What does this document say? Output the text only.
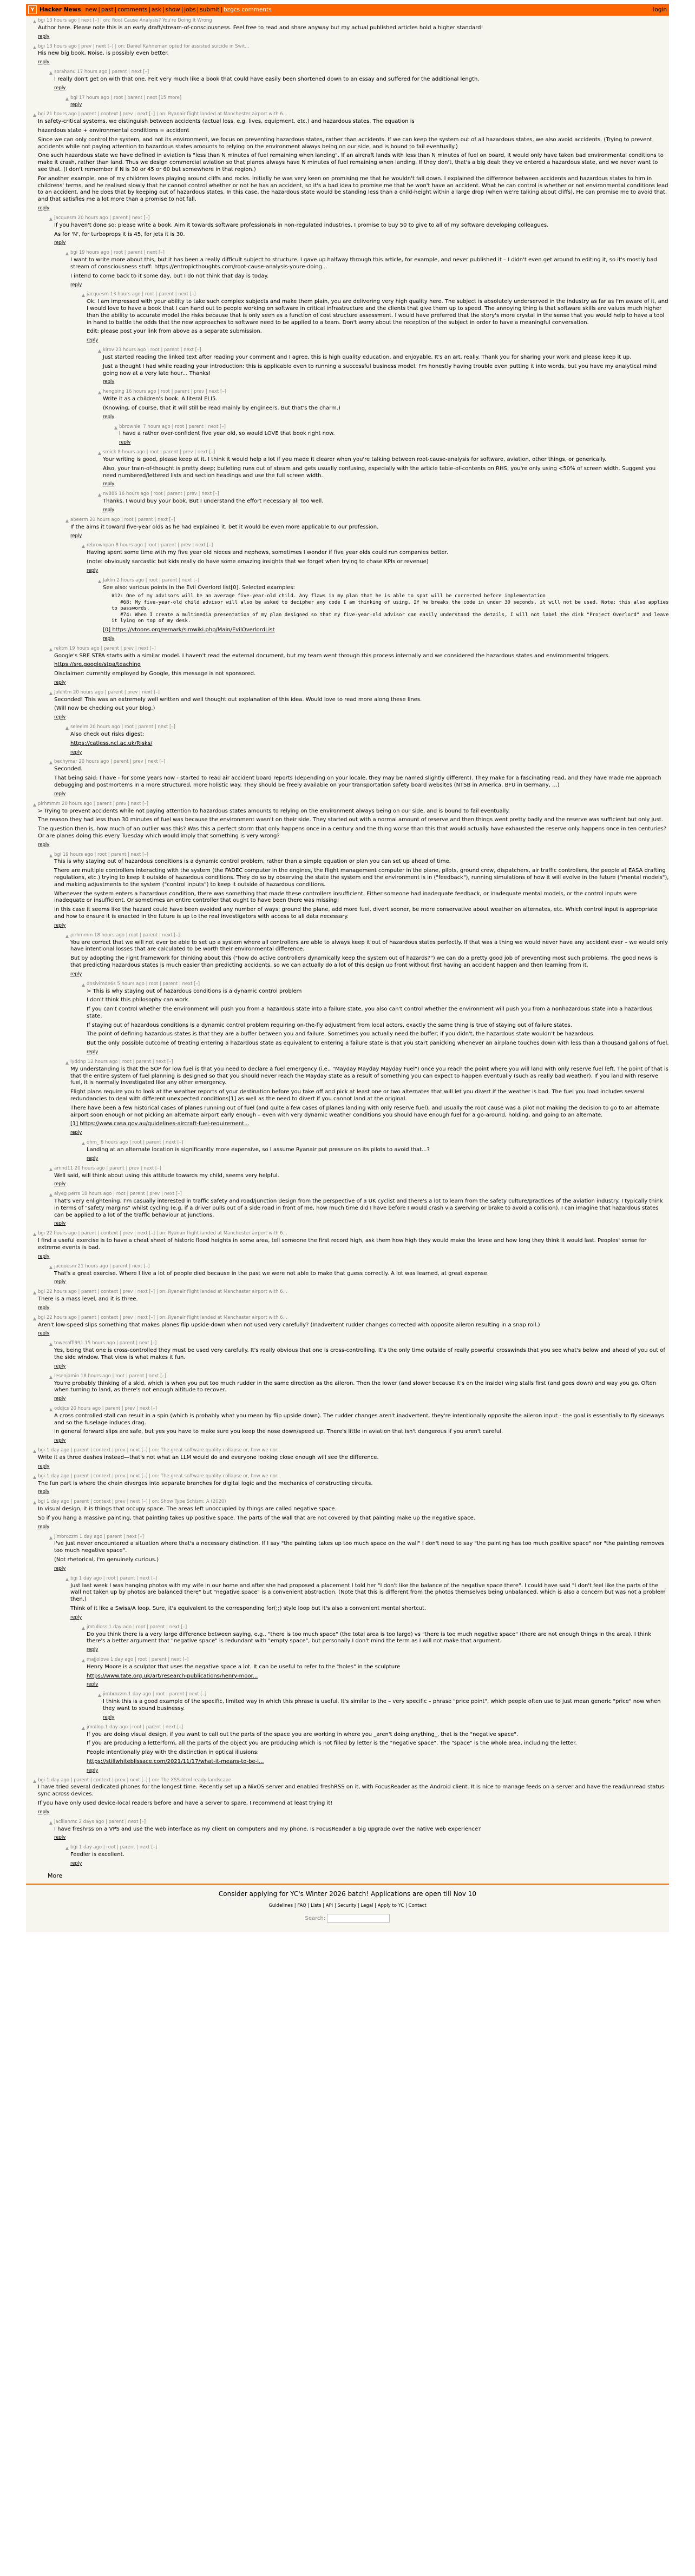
Y Hacker News new | past | comments | ask | show | jobs | submit | bzgcs comments	login
▲ bgi 13 hours ago | next [–] | on: Root Cause Analysis? You're Doing It Wrong

Author here. Please note this is an early draft/stream-of-consciousness. Feel free to read and share anyway but my actual published articles hold a higher standard!

reply
▲ bgi 13 hours ago | prev | next [–] | on: Daniel Kahneman opted for assisted suicide in Swit...

His new big book, Noise, is possibly even better.

reply
▲ sorahanu 17 hours ago | parent | next [–]

I really don't get on with that one. Felt very much like a book that could have easily been shortened down to an essay and suffered for the additional length.

reply
▲ bgi 17 hours ago | root | parent | next [15 more]
reply
▲ bgi 21 hours ago | parent | context | prev | next [–] | on: Ryanair flight landed at Manchester airport with 6...

In safety-critical systems, we distinguish between accidents (actual loss, e.g. lives, equipment, etc.) and hazardous states. The equation is

hazardous state + environmental conditions = accident

Since we can only control the system, and not its environment, we focus on preventing hazardous states, rather than accidents. If we can keep the system out of all hazardous states, we also avoid accidents. (Trying to prevent accidents while not paying attention to hazardous states amounts to relying on the environment always being on our side, and is bound to fail eventually.)

One such hazardous state we have defined in aviation is "less than N minutes of fuel remaining when landing". If an aircraft lands with less than N minutes of fuel on board, it would only have taken bad environmental conditions to make it crash, rather than land. Thus we design commercial aviation so that planes always have N minutes of fuel remaining when landing. If they don't, that's a big deal: they've entered a hazardous state, and we never want to see that. (I don't remember if N is 30 or 45 or 60 but somewhere in that region.)

For another example, one of my children loves playing around cliffs and rocks. Initially he was very keen on promising me that he wouldn't fall down. I explained the difference between accidents and hazardous states to him in childrens' terms, and he realised slowly that he cannot control whether or not he has an accident, so it's a bad idea to promise me that he won't have an accident. What he can control is whether or not environmental conditions lead to an accident, and he does that by keeping out of hazardous states. In this case, the hazardous state would be standing less than a child-height within a large drop (when we're talking about cliffs). He can promise me to avoid that, and that satisfies me a lot more than a promise to not fall.

reply
▲ jacquesm 20 hours ago | parent | next [–]

If you haven't done so: please write a book. Aim it towards software professionals in non-regulated industries. I promise to buy 50 to give to all of my software developing colleagues.

As for 'N', for turboprops it is 45, for jets it is 30.

reply
▲ bgi 19 hours ago | root | parent | next [–]

I want to write more about this, but it has been a really difficult subject to structure. I gave up halfway through this article, for example, and never published it – I didn't even get around to editing it, so it's mostly bad stream of consciousness stuff: https://entropicthoughts.com/root-cause-analysis-youre-doing...

I intend to come back to it some day, but I do not think that day is today.

reply
▲ jacquesm 13 hours ago | root | parent | next [–]

Ok. I am impressed with your ability to take such complex subjects and make them plain, you are delivering very high quality here. The subject is absolutely underserved in the industry as far as I'm aware of it, and I would love to have a book that I can hand out to people working on software in critical infrastructure and the clients that give them up to speed. The annoying thing is that software skills are values much higher than the ability to accurate model the risks because that is only seen as a function of cost structure assessment. I would have preferred that the story's more crystal in the sense that you would help to have a tool in hand to battle the odds that the new approaches to software need to be applied to a team. Don't worry about the reception of the subject in order to have a meaningful conversation.

Edit: please post your link from above as a separate submission.

reply
▲ kirov 23 hours ago | root | parent | next [–]

Just started reading the linked text after reading your comment and I agree, this is high quality education, and enjoyable. It's an art, really. Thank you for sharing your work and please keep it up.

Just a thought I had while reading your introduction: this is applicable even to running a successful business model. I'm honestly having trouble even putting it into words, but you have my analytical mind going now at a very late hour... Thanks!

reply
▲ hengbing 16 hours ago | root | parent | prev | next [–]

Write it as a children's book. A literal ELI5.

(Knowing, of course, that it will still be read mainly by engineers. But that's the charm.)

reply
▲ bbrowniel 7 hours ago | root | parent | next [–]

I have a rather over-confident five year old, so would LOVE that book right now.

reply
▲ smick 8 hours ago | root | parent | prev | next [–]

Your writing is good, please keep at it. I think it would help a lot if you made it clearer when you're talking between root-cause-analysis for software, aviation, other things, or generically.

Also, your train-of-thought is pretty deep; bulleting runs out of steam and gets usually confusing, especially with the article table-of-contents on RHS, you're only using <50% of screen width. Suggest you need numbered/lettered lists and section headings and use the full screen width.

reply
▲ nv886 16 hours ago | root | parent | prev | next [–]

Thanks, I would buy your book. But I understand the effort necessary all too well.

reply
▲ abeerm 20 hours ago | root | parent | next [–]

If the aims it toward five-year olds as he had explained it, bet it would be even more applicable to our profession.

reply
▲ rebrownpan 8 hours ago | root | parent | prev | next [–]

Having spent some time with my five year old nieces and nephews, sometimes I wonder if five year olds could run companies better.

(note: obviously sarcastic but kids really do have some amazing insights that we forget when trying to chase KPIs or revenue)

reply
▲ Jaklin 2 hours ago | root | parent | next [–]

See also: various points in the Evil Overlord list[0]. Selected examples:

#12: One of my advisors will be an average five-year-old child. Any flaws in my plan that he is able to spot will be corrected before implementation
#68: My five-year-old child advisor will also be asked to decipher any code I am thinking of using. If he breaks the code in under 30 seconds, it will not be used. Note: this also applies to passwords.
#74: When I create a multimedia presentation of my plan designed so that my five-year-old advisor can easily understand the details, I will not label the disk "Project Overlord" and leave it lying on top of my desk.

[0] https://vtoons.org/remark/simwiki.php/Main/EvilOverlordList

reply
▲ rektm 19 hours ago | parent | prev | next [–]

Google's SRE STPA starts with a similar model. I haven't read the external document, but my team went through this process internally and we considered the hazardous states and environmental triggers.

https://sre.google/stpa/teaching

Disclaimer: currently employed by Google, this message is not sponsored.

reply
▲ Jolentm 20 hours ago | parent | prev | next [–]

Seconded! This was an extremely well written and well thought out explanation of this idea. Would love to read more along these lines.

(Will now be checking out your blog.)

reply
▲ seleelm 20 hours ago | root | parent | next [–]

Also check out risks digest:

https://catless.ncl.ac.uk/Risks/

reply
▲ bechymar 20 hours ago | parent | prev | next [–]

Seconded.

That being said: I have - for some years now - started to read air accident board reports (depending on your locale, they may be named slightly different). They make for a fascinating read, and they have made me approach debugging and postmortems in a more structured, more holistic way. They should be freely available on your transportation safety board websites (NTSB in America, BFU in Germany, ...)

reply
▲ pirhmmm 20 hours ago | parent | prev | next [–]

> Trying to prevent accidents while not paying attention to hazardous states amounts to relying on the environment always being on our side, and is bound to fail eventually.

The reason they had less than 30 minutes of fuel was because the environment wasn't on their side. They started out with a normal amount of reserve and then things went pretty badly and the reserve was sufficient but only just.

The question then is, how much of an outlier was this? Was this a perfect storm that only happens once in a century and the thing worse than this that would actually have exhausted the reserve only happens once in ten centuries? Or are planes doing this every Tuesday which would imply that something is very wrong?

reply
▲ bgi 19 hours ago | root | parent | next [–]

This is why staying out of hazardous conditions is a dynamic control problem, rather than a simple equation or plan you can set up ahead of time.

There are multiple controllers interacting with the system (the FADEC computer in the engines, the flight management computer in the plane, pilots, ground crew, dispatchers, air traffic controllers, the people at EASA drafting regulations, etc.) trying to keep it outside of hazardous conditions. They do so by observing the state the system and the environment is in ("feedback"), running simulations of how it will evolve in the future ("mental models"), and making adjustments to the system ("control inputs") to keep it outside of hazardous conditions.

Whenever the system enters a hazardous condition, there was something that made these controllers insufficient. Either someone had inadequate feedback, or inadequate mental models, or the control inputs were inadequate or insufficient. Or sometimes an entire controller that ought to have been there was missing!

In this case it seems like the hazard could have been avoided any number of ways: ground the plane, add more fuel, divert sooner, be more conservative about weather on alternates, etc. Which control input is appropriate and how to ensure it is enacted in the future is up to the real investigators with access to all data necessary.

reply
▲ pirhmmm 18 hours ago | root | parent | next [–]

You are correct that we will not ever be able to set up a system where all controllers are able to always keep it out of hazardous states perfectly. If that was a thing we would never have any accident ever – we would only have intentional losses that are calculated to be worth their environmental difference.

But by adopting the right framework for thinking about this ("how do active controllers dynamically keep the system out of hazards?") we can do a pretty good job of preventing most such problems. The good news is that predicting hazardous states is much easier than predicting accidents, so we can actually do a lot of this design up front without first having an accident happen and then learning from it.

reply
▲ dnsivimde6s 5 hours ago | root | parent | next [–]

> This is why staying out of hazardous conditions is a dynamic control problem

I don't think this philosophy can work.

If you can't control whether the environment will push you from a hazardous state into a failure state, you also can't control whether the environment will push you from a nonhazardous state into a hazardous state.

If staying out of hazardous conditions is a dynamic control problem requiring on-the-fly adjustment from local actors, exactly the same thing is true of staying out of failure states.

The point of defining hazardous states is that they are a buffer between you and failure. Sometimes you actually need the buffer; if you didn't, the hazardous state wouldn't be hazardous.

But the only possible outcome of treating entering a hazardous state as equivalent to entering a failure state is that you start panicking whenever an airplane touches down with less than a thousand gallons of fuel.

reply
▲ lyddnp 12 hours ago | root | parent | next [–]

My understanding is that the SOP for low fuel is that you need to declare a fuel emergency (i.e., "Mayday Mayday Mayday Fuel") once you reach the point where you will land with only reserve fuel left. The point of that is that the entire system of fuel planning is designed so that you should never reach the Mayday state as a result of something you can expect to happen eventually (such as really bad weather). If you land with reserve fuel, it is normally investigated like any other emergency.

Flight plans require you to look at the weather reports of your destination before you take off and pick at least one or two alternates that will let you divert if the weather is bad. The fuel you load includes several redundancies to deal with different unexpected conditions[1] as well as the need to divert if you cannot land at the original.

There have been a few historical cases of planes running out of fuel (and quite a few cases of planes landing with only reserve fuel), and usually the root cause was a pilot not making the decision to go to an alternate airport soon enough or not picking an alternate airport early enough – even with very dynamic weather conditions you should have enough fuel for a go-around, holding, and going to an alternate.

[1] https://www.casa.gov.au/guidelines-aircraft-fuel-requirement...

reply
▲ ohm_ 6 hours ago | root | parent | next [–]

Landing at an alternate location is significantly more expensive, so I assume Ryanair put pressure on its pilots to avoid that...?

reply
▲ amnd11 20 hours ago | parent | prev | next [–]

Well said, will think about using this attitude towards my child, seems very helpful.

reply
▲ aiyeg perrs 18 hours ago | root | parent | prev | next [–]

That's very enlightening. I'm casually interested in traffic safety and road/junction design from the perspective of a UK cyclist and there's a lot to learn from the safety culture/practices of the aviation industry. I typically think in terms of "safety margins" whilst cycling (e.g. if a driver pulls out of a side road in front of me, how much time did I have before I would crash via swerving or brake to avoid a collision). I can imagine that hazardous states can be applied to a lot of the traffic behaviour at junctions.

reply
▲ bgi 22 hours ago | parent | context | prev | next [–] | on: Ryanair flight landed at Manchester airport with 6...

I find a useful exercise is to have a cheat sheet of historic flood heights in some area, tell someone the first record high, ask them how high they would make the levee and how long they think it would last. Peoples' sense for extreme events is bad.

reply
▲ jacquesm 21 hours ago | parent | next [–]

That's a great exercise. Where I live a lot of people died because in the past we were not able to make that guess correctly. A lot was learned, at great expense.

reply
▲ bgi 22 hours ago | parent | context | prev | next [–] | on: Ryanair flight landed at Manchester airport with 6...

There is a mass level, and it is three.

reply
▲ bgi 22 hours ago | parent | context | prev | next [–] | on: Ryanair flight landed at Manchester airport with 6...

Aren't low-speed slips something that makes planes flip upside-down when not used very carefully? (Inadvertent rudder changes corrected with opposite aileron resulting in a snap roll.)

reply
▲ toweraffi991 15 hours ago | parent | next [–]

Yes, being that one is cross-controlled they must be used very carefully. It's really obvious that one is cross-controlling. It's the only time outside of really powerful crosswinds that you see what's below and ahead of you out of the side window. That view is what makes it fun.

reply
▲ lesenjamin 18 hours ago | root | parent | next [–]

You're probably thinking of a skid, which is when you put too much rudder in the same direction as the aileron. Then the lower (and slower because it's on the inside) wing stalls first (and goes down) and way you go. Often when turning to land, as there's not enough altitude to recover.

reply
▲ oddjcs 20 hours ago | parent | prev | next [–]

A cross controlled stall can result in a spin (which is probably what you mean by flip upside down). The rudder changes aren't inadvertent, they're intentionally opposite the aileron input - the goal is essentially to fly sideways and so the fuselage induces drag.

In general forward slips are safe, but yes you have to make sure you keep the nose down/speed up. There's little in aviation that isn't dangerous if you aren't careful.

reply
▲ bgi 1 day ago | parent | context | prev | next [–] | on: The great software quality collapse or, how we nor...

Write it as three dashes instead—that's not what an LLM would do and everyone looking close enough will see the difference.

reply
▲ bgi 1 day ago | parent | context | prev | next [–] | on: The great software quality collapse or, how we nor...

The fun part is where the chain diverges into separate branches for digital logic and the mechanics of constructing circuits.

reply
▲ bgi 1 day ago | parent | context | prev | next [–] | on: Show Type Schism: A (2020)

In visual design, it is things that occupy space. The areas left unoccupied by things are called negative space.

So if you hang a massive painting, that painting takes up positive space. The parts of the wall that are not covered by that painting make up the negative space.

reply
▲ jimbrozzm 1 day ago | parent | next [–]

I've just never encountered a situation where that's a necessary distinction. If I say "the painting takes up too much space on the wall" I don't need to say "the painting has too much positive space" nor "the painting removes too much negative space".

(Not rhetorical, I'm genuinely curious.)

reply
▲ bgi 1 day ago | root | parent | next [–]

Just last week I was hanging photos with my wife in our home and after she had proposed a placement I told her "I don't like the balance of the negative space there". I could have said "I don't feel like the parts of the wall not taken up by photos are balanced there" but "negative space" is a convenient abstraction. (Note that this is different from the photos themselves being unbalanced, which is also a concern but was not a problem then.)

Think of it like a Swiss/A loop. Sure, it's equivalent to the corresponding for(;;) style loop but it's also a convenient mental shortcut.

reply
▲ jmtulloss 1 day ago | root | parent | next [–]

Do you think there is a very large difference between saying, e.g., "there is too much space" (the total area is too large) vs "there is too much negative space" (there are not enough things in the area). I think there's a better argument that "negative space" is redundant with "empty space", but personally I don't mind the term as I will not make that argument.

reply
▲ majjolove 1 day ago | root | parent | next [–]

Henry Moore is a sculptor that uses the negative space a lot. It can be useful to refer to the "holes" in the sculpture

https://www.tate.org.uk/art/research-publications/henry-moor...

reply
▲ jimbrozzm 1 day ago | root | parent | next [–]

I think this is a good example of the specific, limited way in which this phrase is useful. It's similar to the – very specific – phrase "price point", which people often use to just mean generic "price" now when they want to sound businessy.

reply
▲ jmollop 1 day ago | root | parent | next [–]

If you are doing visual design, if you want to call out the parts of the space you are working in where you _aren't doing anything_, that is the "negative space".

If you are producing a letterform, all the parts of the object you are producing which is not filled by letter is the "negative space". The "space" is the whole area, including the letter.

People intentionally play with the distinction in optical illusions:

https://stillwhiteblissace.com/2021/11/17/what-it-means-to-be-l...

reply
▲ bgi 1 day ago | parent | context | prev | next [–] | on: The XSS-html ready landscape

I have tried several dedicated phones for the longest time. Recently set up a NixOS server and enabled freshRSS on it, with FocusReader as the Android client. It is nice to manage feeds on a server and have the read/unread status sync across devices.

If you have only used device-local readers before and have a server to spare, I recommend at least trying it!

reply
▲ jacillanmc 2 days ago | parent | next [–]

I have freshrss on a VPS and use the web interface as my client on computers and my phone. Is FocusReader a big upgrade over the native web experience?

reply
▲ bgi 1 day ago | root | parent | next [–]

Feedler is excellent.

reply
More
Consider applying for YC's Winter 2026 batch! Applications are open till Nov 10
Guidelines | FAQ | Lists | API | Security | Legal | Apply to YC | Contact
Search:
